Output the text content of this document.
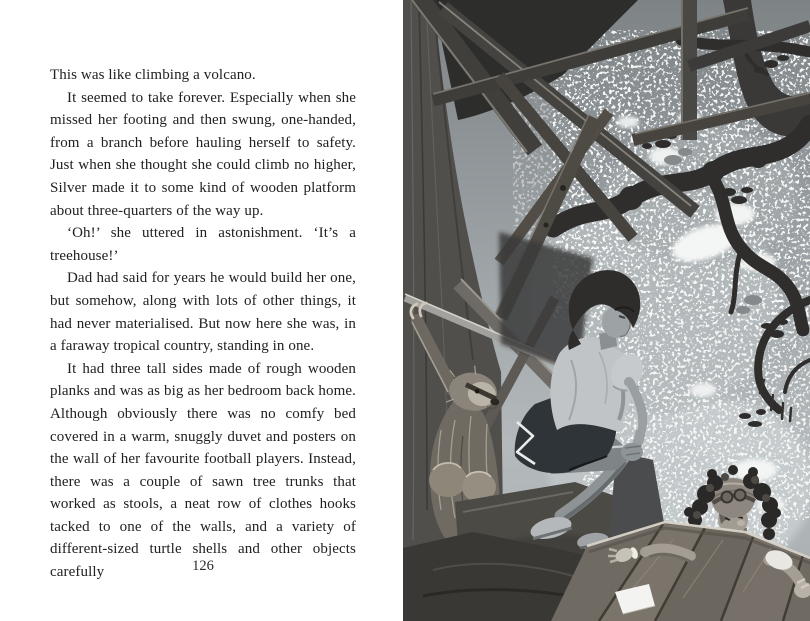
This was like climbing a volcano.

It seemed to take forever. Especially when she missed her footing and then swung, one-handed, from a branch before hauling herself to safety. Just when she thought she could climb no higher, Silver made it to some kind of wooden platform about three-quarters of the way up.

‘Oh!’ she uttered in astonishment. ‘It’s a treehouse!’

Dad had said for years he would build her one, but somehow, along with lots of other things, it had never materialised. But now here she was, in a faraway tropical country, standing in one.

It had three tall sides made of rough wooden planks and was as big as her bedroom back home. Although obviously there was no comfy bed covered in a warm, snuggly duvet and posters on the wall of her favourite football players. Instead, there was a couple of sawn tree trunks that worked as stools, a neat row of clothes hooks tacked to one of the walls, and a variety of different-sized turtle shells and other objects carefully	126
